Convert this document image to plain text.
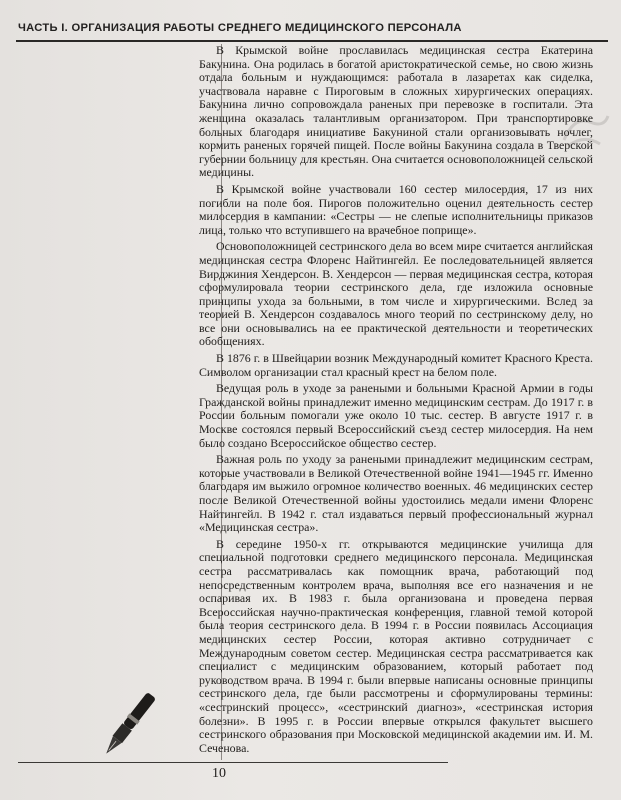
ЧАСТЬ I. ОРГАНИЗАЦИЯ РАБОТЫ СРЕДНЕГО МЕДИЦИНСКОГО ПЕРСОНАЛА

В Крымской войне прославилась медицинская сестра Екатерина Бакунина. Она родилась в богатой аристократической семье, но свою жизнь отдала больным и нуждающимся: работала в лазаретах как сиделка, участвовала наравне с Пироговым в сложных хирургических операциях. Бакунина лично сопровождала раненых при перевозке в госпитали. Эта женщина оказалась талантливым организатором. При транспортировке больных благодаря инициативе Бакуниной стали организовывать ночлег, кормить раненых горячей пищей. После войны Бакунина создала в Тверской губернии больницу для крестьян. Она считается основоположницей сельской медицины.

В Крымской войне участвовали 160 сестер милосердия, 17 из них погибли на поле боя. Пирогов положительно оценил деятельность сестер милосердия в кампании: «Сестры — не слепые исполнительницы приказов лица, только что вступившего на врачебное поприще».

Основоположницей сестринского дела во всем мире считается английская медицинская сестра Флоренс Найтингейл. Ее последовательницей является Вирджиния Хендерсон. В. Хендерсон — первая медицинская сестра, которая сформулировала теории сестринского дела, где изложила основные принципы ухода за больными, в том числе и хирургическими. Вслед за теорией В. Хендерсон создавалось много теорий по сестринскому делу, но все они основывались на ее практической деятельности и теоретических обобщениях.

В 1876 г. в Швейцарии возник Международный комитет Красного Креста. Символом организации стал красный крест на белом поле.

Ведущая роль в уходе за ранеными и больными Красной Армии в годы Гражданской войны принадлежит именно медицинским сестрам. До 1917 г. в России больным помогали уже около 10 тыс. сестер. В августе 1917 г. в Москве состоялся первый Всероссийский съезд сестер милосердия. На нем было создано Всероссийское общество сестер.

Важная роль по уходу за ранеными принадлежит медицинским сестрам, которые участвовали в Великой Отечественной войне 1941—1945 гг. Именно благодаря им выжило огромное количество военных. 46 медицинских сестер после Великой Отечественной войны удостоились медали имени Флоренс Найтингейл. В 1942 г. стал издаваться первый профессиональный журнал «Медицинская сестра».

В середине 1950-х гг. открываются медицинские училища для специальной подготовки среднего медицинского персонала. Медицинская сестра рассматривалась как помощник врача, работающий под непосредственным контролем врача, выполняя все его назначения и не оспаривая их. В 1983 г. была организована и проведена первая Всероссийская научно-практическая конференция, главной темой которой была теория сестринского дела. В 1994 г. в России появилась Ассоциация медицинских сестер России, которая активно сотрудничает с Международным советом сестер. Медицинская сестра рассматривается как специалист с медицинским образованием, который работает под руководством врача. В 1994 г. были впервые написаны основные принципы сестринского дела, где были рассмотрены и сформулированы термины: «сестринский процесс», «сестринский диагноз», «сестринская история болезни». В 1995 г. в России впервые открылся факультет высшего сестринского образования при Московской медицинской академии им. И. М. Сеченова.

10
